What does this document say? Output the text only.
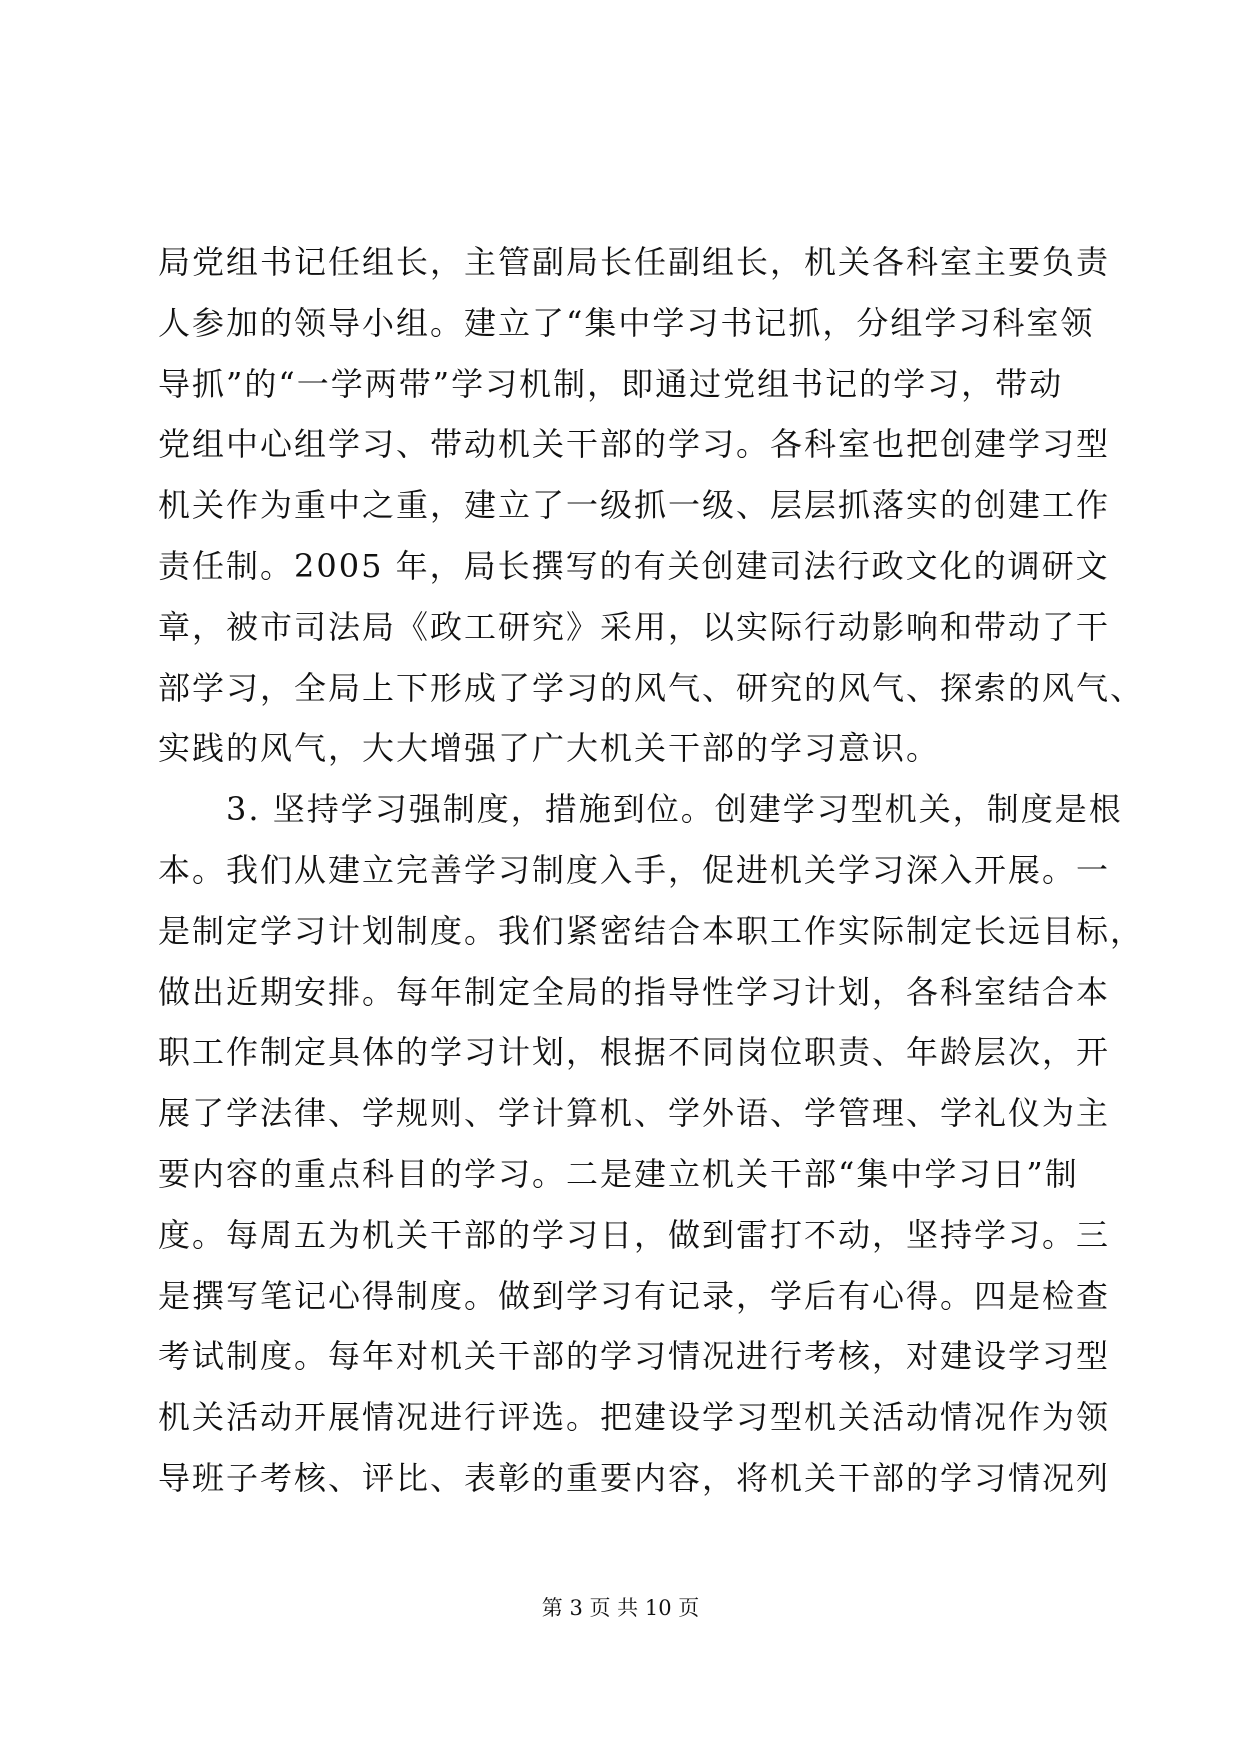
局党组书记任组长，主管副局长任副组长，机关各科室主要负责
人参加的领导小组。建立了“集中学习书记抓，分组学习科室领
导抓”的“一学两带”学习机制，即通过党组书记的学习，带动
党组中心组学习、带动机关干部的学习。各科室也把创建学习型
机关作为重中之重，建立了一级抓一级、层层抓落实的创建工作
责任制。2005 年，局长撰写的有关创建司法行政文化的调研文
章，被市司法局《政工研究》采用，以实际行动影响和带动了干
部学习，全局上下形成了学习的风气、研究的风气、探索的风气、
实践的风气，大大增强了广大机关干部的学习意识。
　　3. 坚持学习强制度，措施到位。创建学习型机关，制度是根
本。我们从建立完善学习制度入手，促进机关学习深入开展。一
是制定学习计划制度。我们紧密结合本职工作实际制定长远目标，
做出近期安排。每年制定全局的指导性学习计划，各科室结合本
职工作制定具体的学习计划，根据不同岗位职责、年龄层次，开
展了学法律、学规则、学计算机、学外语、学管理、学礼仪为主
要内容的重点科目的学习。二是建立机关干部“集中学习日”制
度。每周五为机关干部的学习日，做到雷打不动，坚持学习。三
是撰写笔记心得制度。做到学习有记录，学后有心得。四是检查
考试制度。每年对机关干部的学习情况进行考核，对建设学习型
机关活动开展情况进行评选。把建设学习型机关活动情况作为领
导班子考核、评比、表彰的重要内容，将机关干部的学习情况列
第 3 页 共 10 页
